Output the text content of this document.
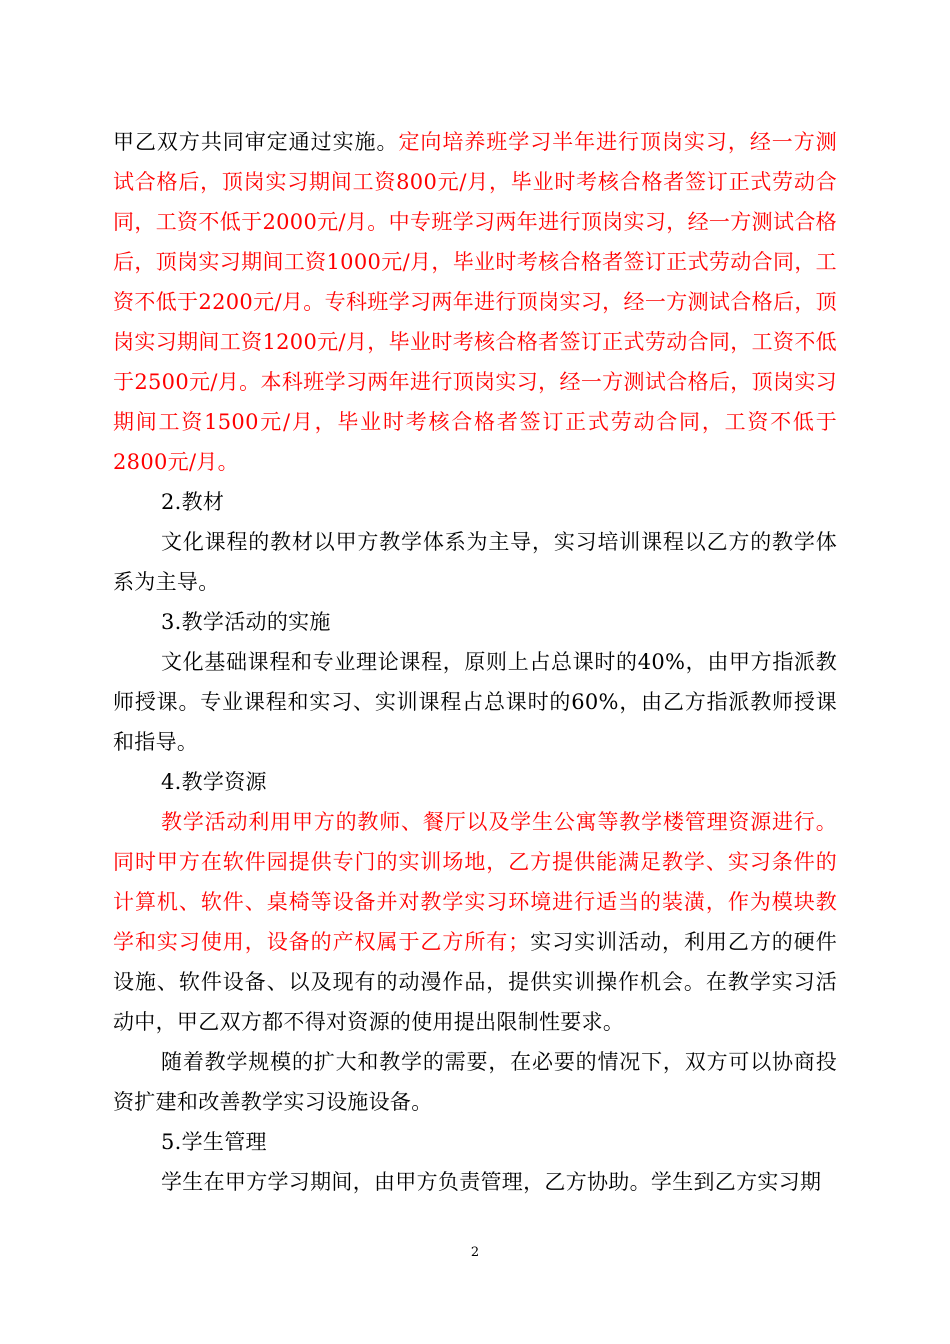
甲乙双方共同审定通过实施。定向培养班学习半年进行顶岗实习，经一方测试合格后，顶岗实习期间工资800元/月，毕业时考核合格者签订正式劳动合同，工资不低于2000元/月。中专班学习两年进行顶岗实习，经一方测试合格后，顶岗实习期间工资1000元/月，毕业时考核合格者签订正式劳动合同，工资不低于2200元/月。专科班学习两年进行顶岗实习，经一方测试合格后，顶岗实习期间工资1200元/月，毕业时考核合格者签订正式劳动合同，工资不低于2500元/月。本科班学习两年进行顶岗实习，经一方测试合格后，顶岗实习期间工资1500元/月，毕业时考核合格者签订正式劳动合同，工资不低于2800元/月。

2.教材

文化课程的教材以甲方教学体系为主导，实习培训课程以乙方的教学体系为主导。

3.教学活动的实施

文化基础课程和专业理论课程，原则上占总课时的40%，由甲方指派教师授课。专业课程和实习、实训课程占总课时的60%，由乙方指派教师授课和指导。

4.教学资源

教学活动利用甲方的教师、餐厅以及学生公寓等教学楼管理资源进行。同时甲方在软件园提供专门的实训场地，乙方提供能满足教学、实习条件的计算机、软件、桌椅等设备并对教学实习环境进行适当的装潢，作为模块教学和实习使用，设备的产权属于乙方所有；实习实训活动，利用乙方的硬件设施、软件设备、以及现有的动漫作品，提供实训操作机会。在教学实习活动中，甲乙双方都不得对资源的使用提出限制性要求。

随着教学规模的扩大和教学的需要，在必要的情况下，双方可以协商投资扩建和改善教学实习设施设备。

5.学生管理

学生在甲方学习期间，由甲方负责管理，乙方协助。学生到乙方实习期

2
